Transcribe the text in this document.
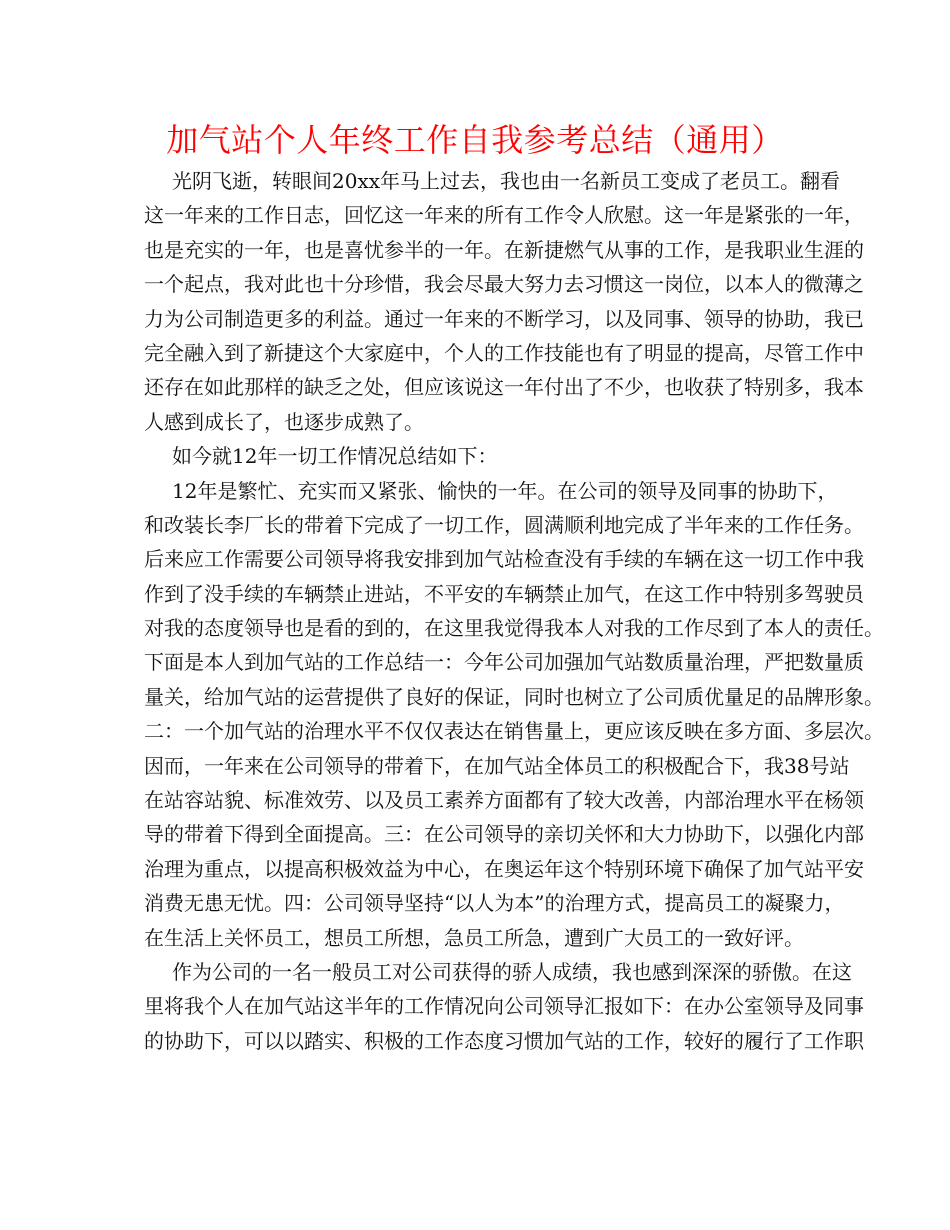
加气站个人年终工作自我参考总结（通用）
光阴飞逝，转眼间20xx年马上过去，我也由一名新员工变成了老员工。翻看
这一年来的工作日志，回忆这一年来的所有工作令人欣慰。这一年是紧张的一年，
也是充实的一年，也是喜忧参半的一年。在新捷燃气从事的工作，是我职业生涯的
一个起点，我对此也十分珍惜，我会尽最大努力去习惯这一岗位，以本人的微薄之
力为公司制造更多的利益。通过一年来的不断学习，以及同事、领导的协助，我已
完全融入到了新捷这个大家庭中，个人的工作技能也有了明显的提高，尽管工作中
还存在如此那样的缺乏之处，但应该说这一年付出了不少，也收获了特别多，我本
人感到成长了，也逐步成熟了。
如今就12年一切工作情况总结如下：
12年是繁忙、充实而又紧张、愉快的一年。在公司的领导及同事的协助下，
和改装长李厂长的带着下完成了一切工作，圆满顺利地完成了半年来的工作任务。
后来应工作需要公司领导将我安排到加气站检查没有手续的车辆在这一切工作中我
作到了没手续的车辆禁止进站，不平安的车辆禁止加气，在这工作中特别多驾驶员
对我的态度领导也是看的到的，在这里我觉得我本人对我的工作尽到了本人的责任。
下面是本人到加气站的工作总结一：今年公司加强加气站数质量治理，严把数量质
量关，给加气站的运营提供了良好的保证，同时也树立了公司质优量足的品牌形象。
二：一个加气站的治理水平不仅仅表达在销售量上，更应该反映在多方面、多层次。
因而，一年来在公司领导的带着下，在加气站全体员工的积极配合下，我38号站
在站容站貌、标准效劳、以及员工素养方面都有了较大改善，内部治理水平在杨领
导的带着下得到全面提高。三：在公司领导的亲切关怀和大力协助下，以强化内部
治理为重点，以提高积极效益为中心，在奥运年这个特别环境下确保了加气站平安
消费无患无忧。四：公司领导坚持“以人为本”的治理方式，提高员工的凝聚力，
在生活上关怀员工，想员工所想，急员工所急，遭到广大员工的一致好评。
作为公司的一名一般员工对公司获得的骄人成绩，我也感到深深的骄傲。在这
里将我个人在加气站这半年的工作情况向公司领导汇报如下：在办公室领导及同事
的协助下，可以以踏实、积极的工作态度习惯加气站的工作，较好的履行了工作职
